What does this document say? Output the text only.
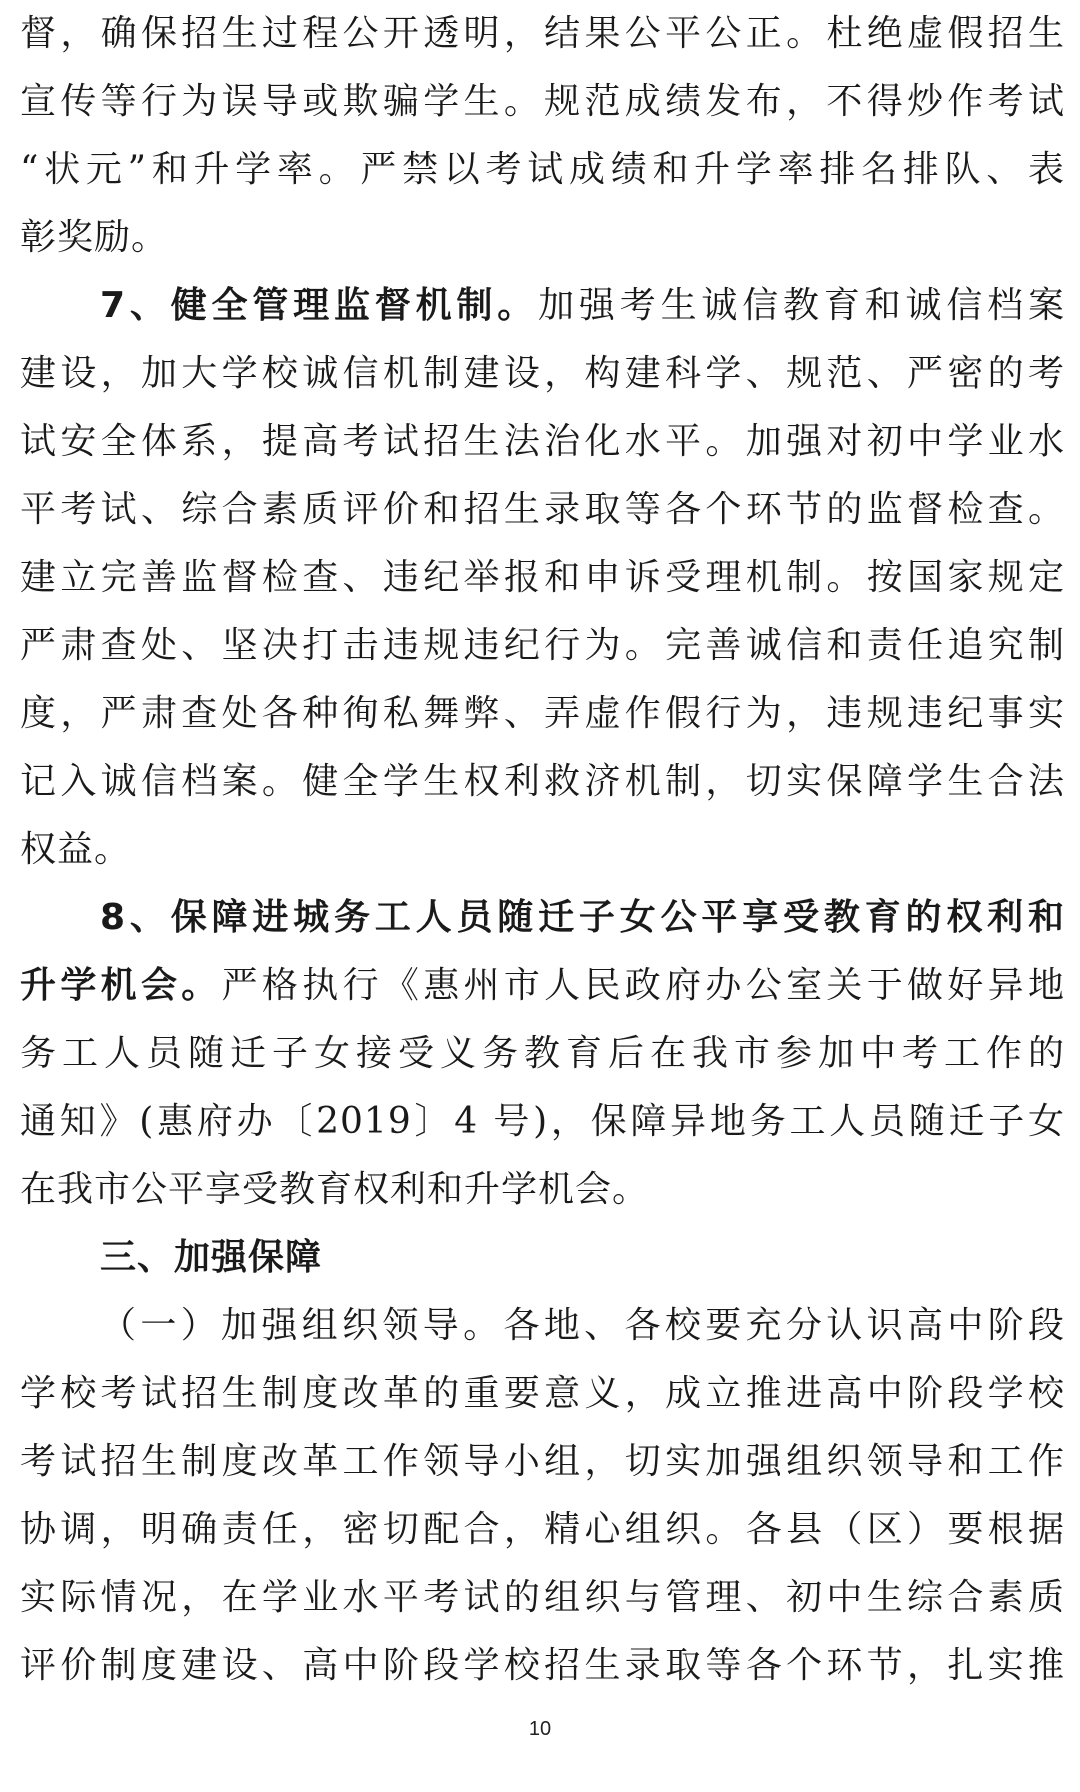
督，确保招生过程公开透明，结果公平公正。杜绝虚假招生
宣传等行为误导或欺骗学生。规范成绩发布，不得炒作考试
“状元”和升学率。严禁以考试成绩和升学率排名排队、表
彰奖励。
7、健全管理监督机制。加强考生诚信教育和诚信档案
建设，加大学校诚信机制建设，构建科学、规范、严密的考
试安全体系，提高考试招生法治化水平。加强对初中学业水
平考试、综合素质评价和招生录取等各个环节的监督检查。
建立完善监督检查、违纪举报和申诉受理机制。按国家规定
严肃查处、坚决打击违规违纪行为。完善诚信和责任追究制
度，严肃查处各种徇私舞弊、弄虚作假行为，违规违纪事实
记入诚信档案。健全学生权利救济机制，切实保障学生合法
权益。
8、保障进城务工人员随迁子女公平享受教育的权利和
升学机会。严格执行《惠州市人民政府办公室关于做好异地
务工人员随迁子女接受义务教育后在我市参加中考工作的
通知》(惠府办〔2019〕4 号)，保障异地务工人员随迁子女
在我市公平享受教育权利和升学机会。
三、加强保障
（一）加强组织领导。各地、各校要充分认识高中阶段
学校考试招生制度改革的重要意义，成立推进高中阶段学校
考试招生制度改革工作领导小组，切实加强组织领导和工作
协调，明确责任，密切配合，精心组织。各县（区）要根据
实际情况，在学业水平考试的组织与管理、初中生综合素质
评价制度建设、高中阶段学校招生录取等各个环节，扎实推
10
